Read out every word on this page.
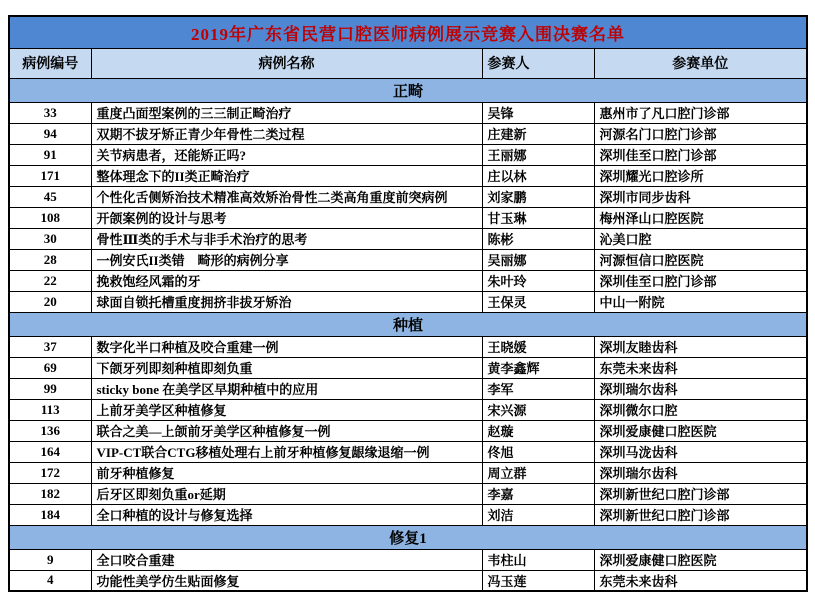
2019年广东省民营口腔医师病例展示竞赛入围决赛名单			
病例编号	病例名称	参赛人	参赛单位
正畸			
33	重度凸面型案例的三三制正畸治疗	吴锋	惠州市了凡口腔门诊部
94	双期不拔牙矫正青少年骨性二类过程	庄建新	河源名门口腔门诊部
91	关节病患者，还能矫正吗?	王丽娜	深圳佳至口腔门诊部
171	整体理念下的II类正畸治疗	庄以林	深圳耀光口腔诊所
45	个性化舌侧矫治技术精准高效矫治骨性二类高角重度前突病例	刘家鹏	深圳市同步齿科
108	开颌案例的设计与思考	甘玉琳	梅州泽山口腔医院
30	骨性Ⅲ类的手术与非手术治疗的思考	陈彬	沁美口腔
28	一例安氏II类错　畸形的病例分享	吴丽娜	河源恒信口腔医院
22	挽救饱经风霜的牙	朱叶玲	深圳佳至口腔门诊部
20	球面自锁托槽重度拥挤非拔牙矫治	王保灵	中山一附院
种植			
37	数字化半口种植及咬合重建一例	王晓媛	深圳友睦齿科
69	下颌牙列即刻种植即刻负重	黄李鑫辉	东莞未来齿科
99	sticky bone 在美学区早期种植中的应用	李军	深圳瑞尔齿科
113	上前牙美学区种植修复	宋兴源	深圳微尔口腔
136	联合之美—上颌前牙美学区种植修复一例	赵璇	深圳爱康健口腔医院
164	VIP-CT联合CTG移植处理右上前牙种植修复龈缘退缩一例	佟旭	深圳马泷齿科
172	前牙种植修复	周立群	深圳瑞尔齿科
182	后牙区即刻负重or延期	李嘉	深圳新世纪口腔门诊部
184	全口种植的设计与修复选择	刘洁	深圳新世纪口腔门诊部
修复1			
9	全口咬合重建	韦柱山	深圳爱康健口腔医院
4	功能性美学仿生贴面修复	冯玉莲	东莞未来齿科
